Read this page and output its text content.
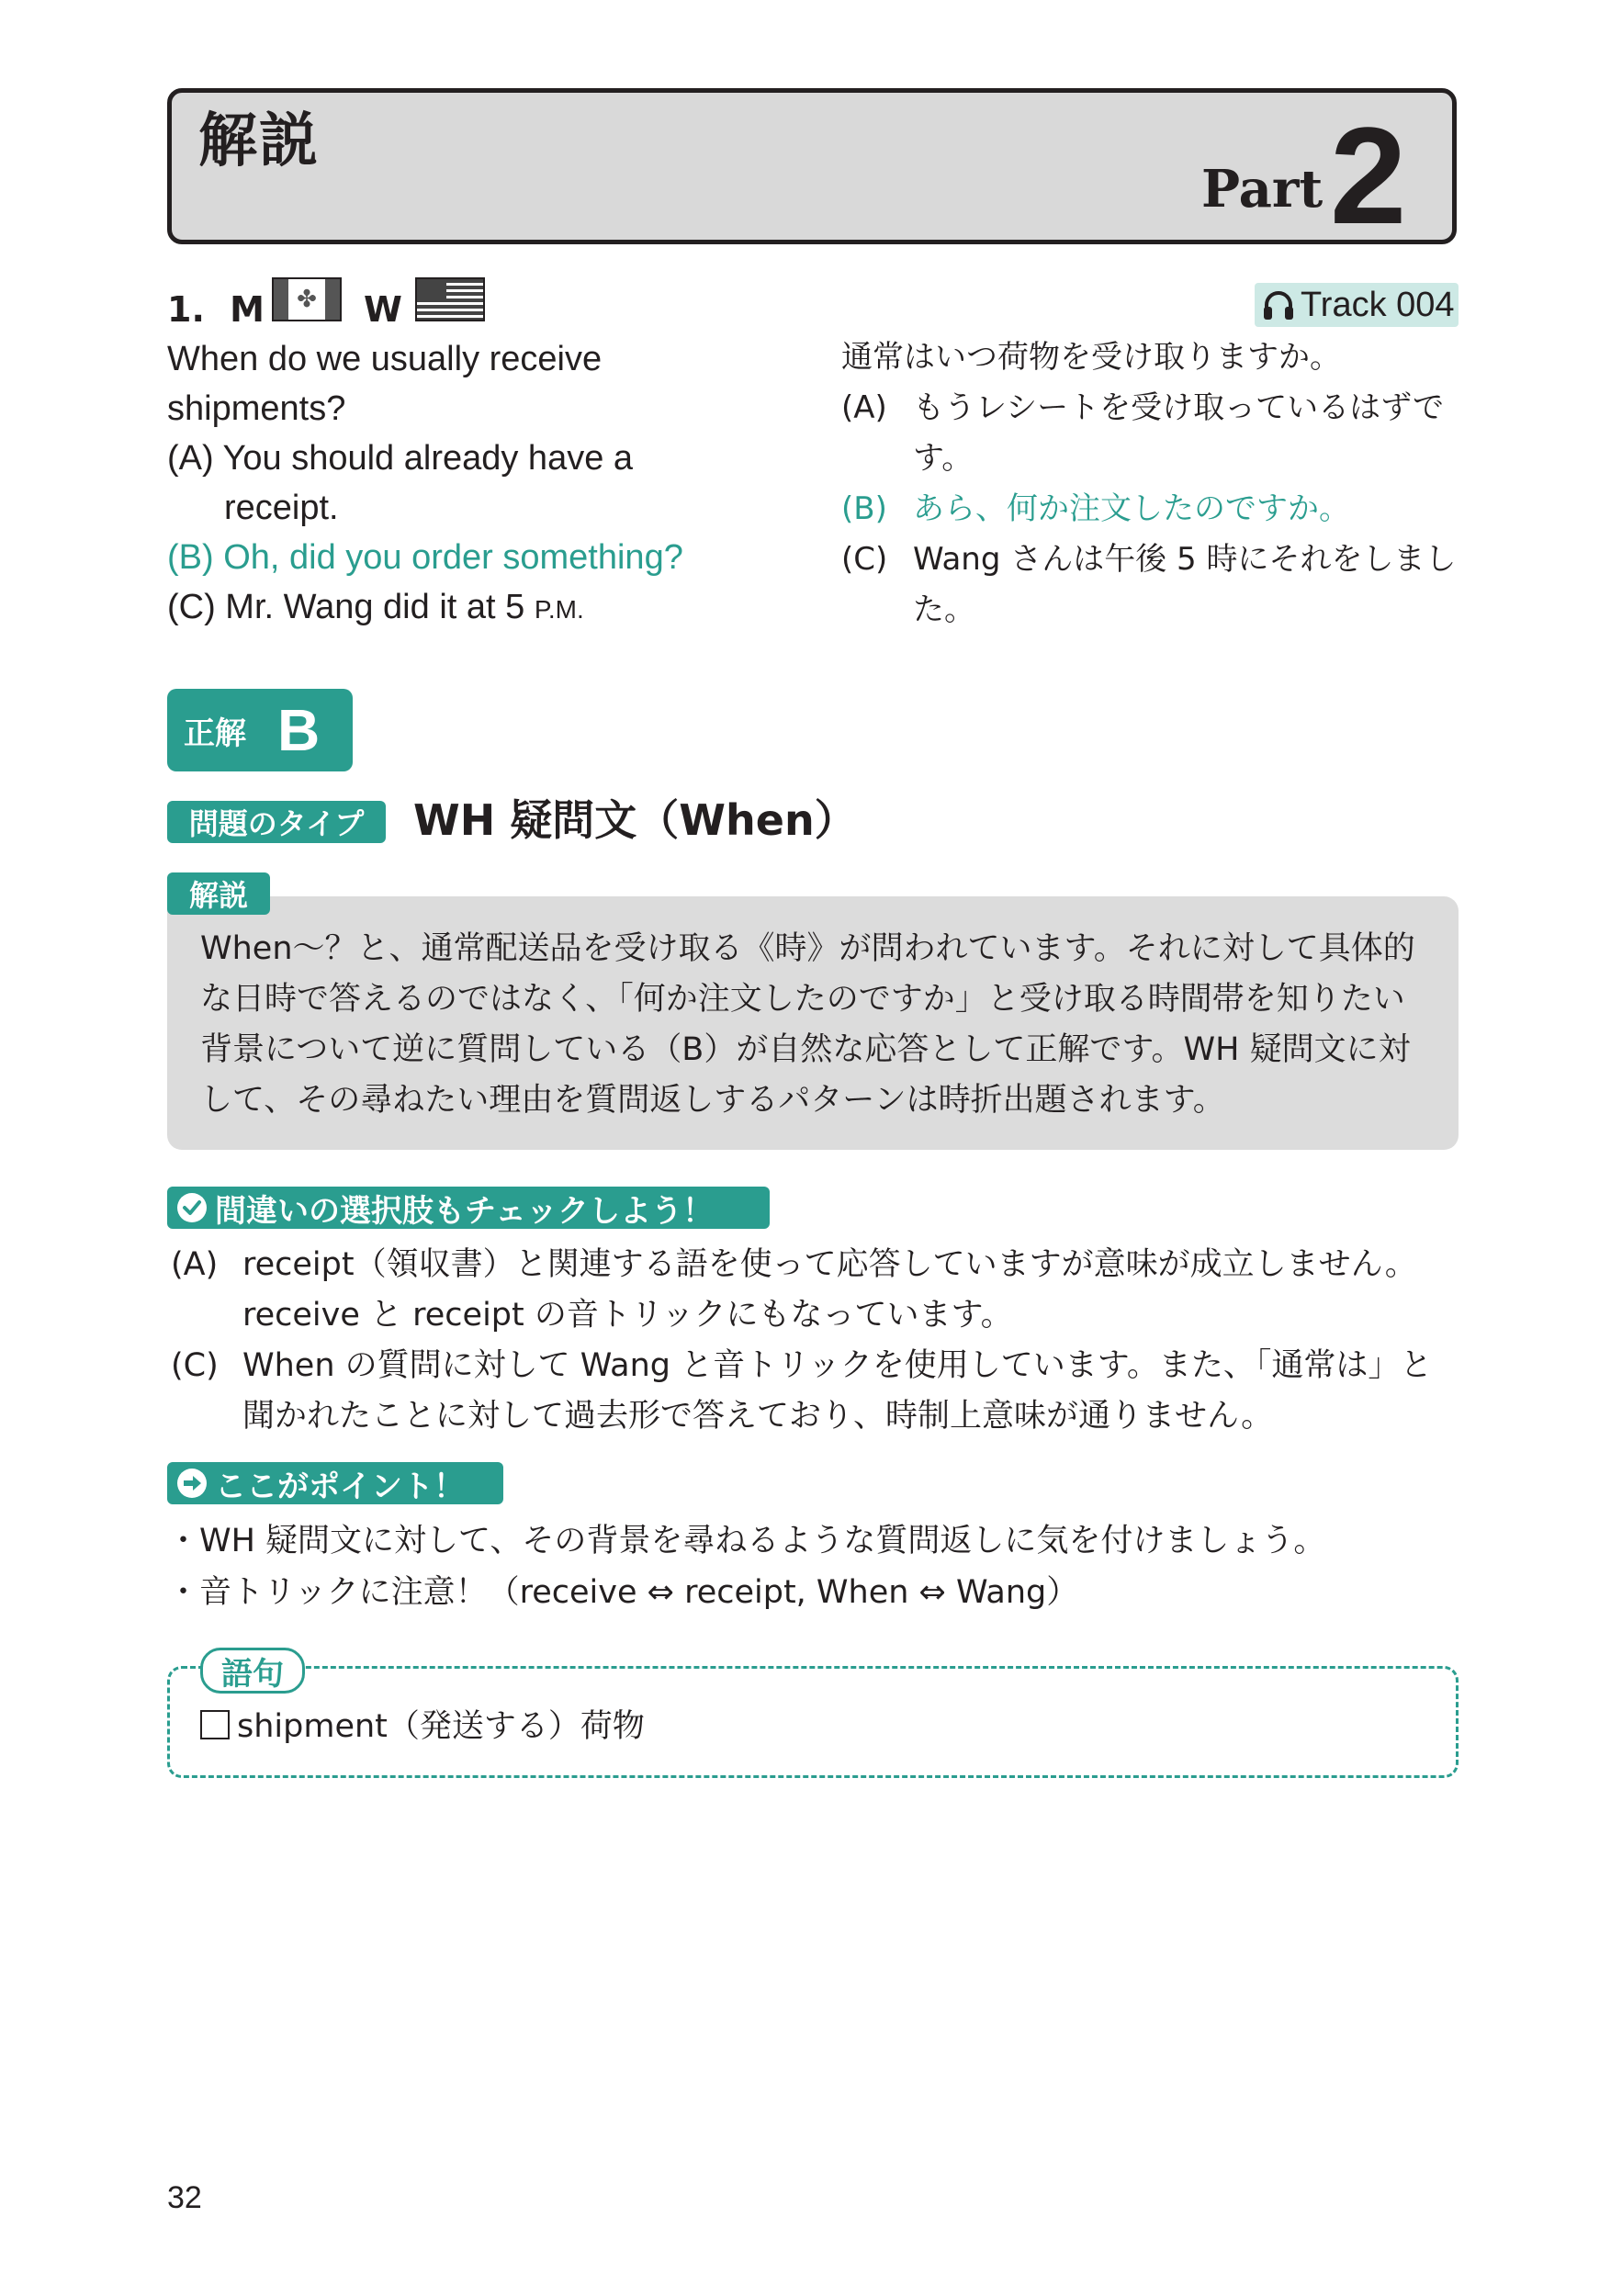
解説
Part 2
1. M	✤ W	Track 004
When do we usually receive
shipments?
(A) You should already have a
receipt.
(B) Oh, did you order something?
(C) Mr. Wang did it at 5 P.M.
通常はいつ荷物を受け取りますか。
(A) もうレシートを受け取っているはずです。
(B) あら、何か注文したのですか。
(C) Wang さんは午後 5 時にそれをしました。
正解 B
問題のタイプ	WH 疑問文（When）
When～？と、通常配送品を受け取る《時》が問われています。それに対して具体的な日時で答えるのではなく、「何か注文したのですか」と受け取る時間帯を知りたい背景について逆に質問している（B）が自然な応答として正解です。WH 疑問文に対して、その尋ねたい理由を質問返しするパターンは時折出題されます。
解説
間違いの選択肢もチェックしよう！
(A) receipt（領収書）と関連する語を使って応答していますが意味が成立しません。receive と receipt の音トリックにもなっています。
(C) When の質問に対して Wang と音トリックを使用しています。また、「通常は」と聞かれたことに対して過去形で答えており、時制上意味が通りません。
ここがポイント！
・WH 疑問文に対して、その背景を尋ねるような質問返しに気を付けましょう。
・音トリックに注意！（receive ⇔ receipt, When ⇔ Wang）
語句
shipment（発送する）荷物
32
